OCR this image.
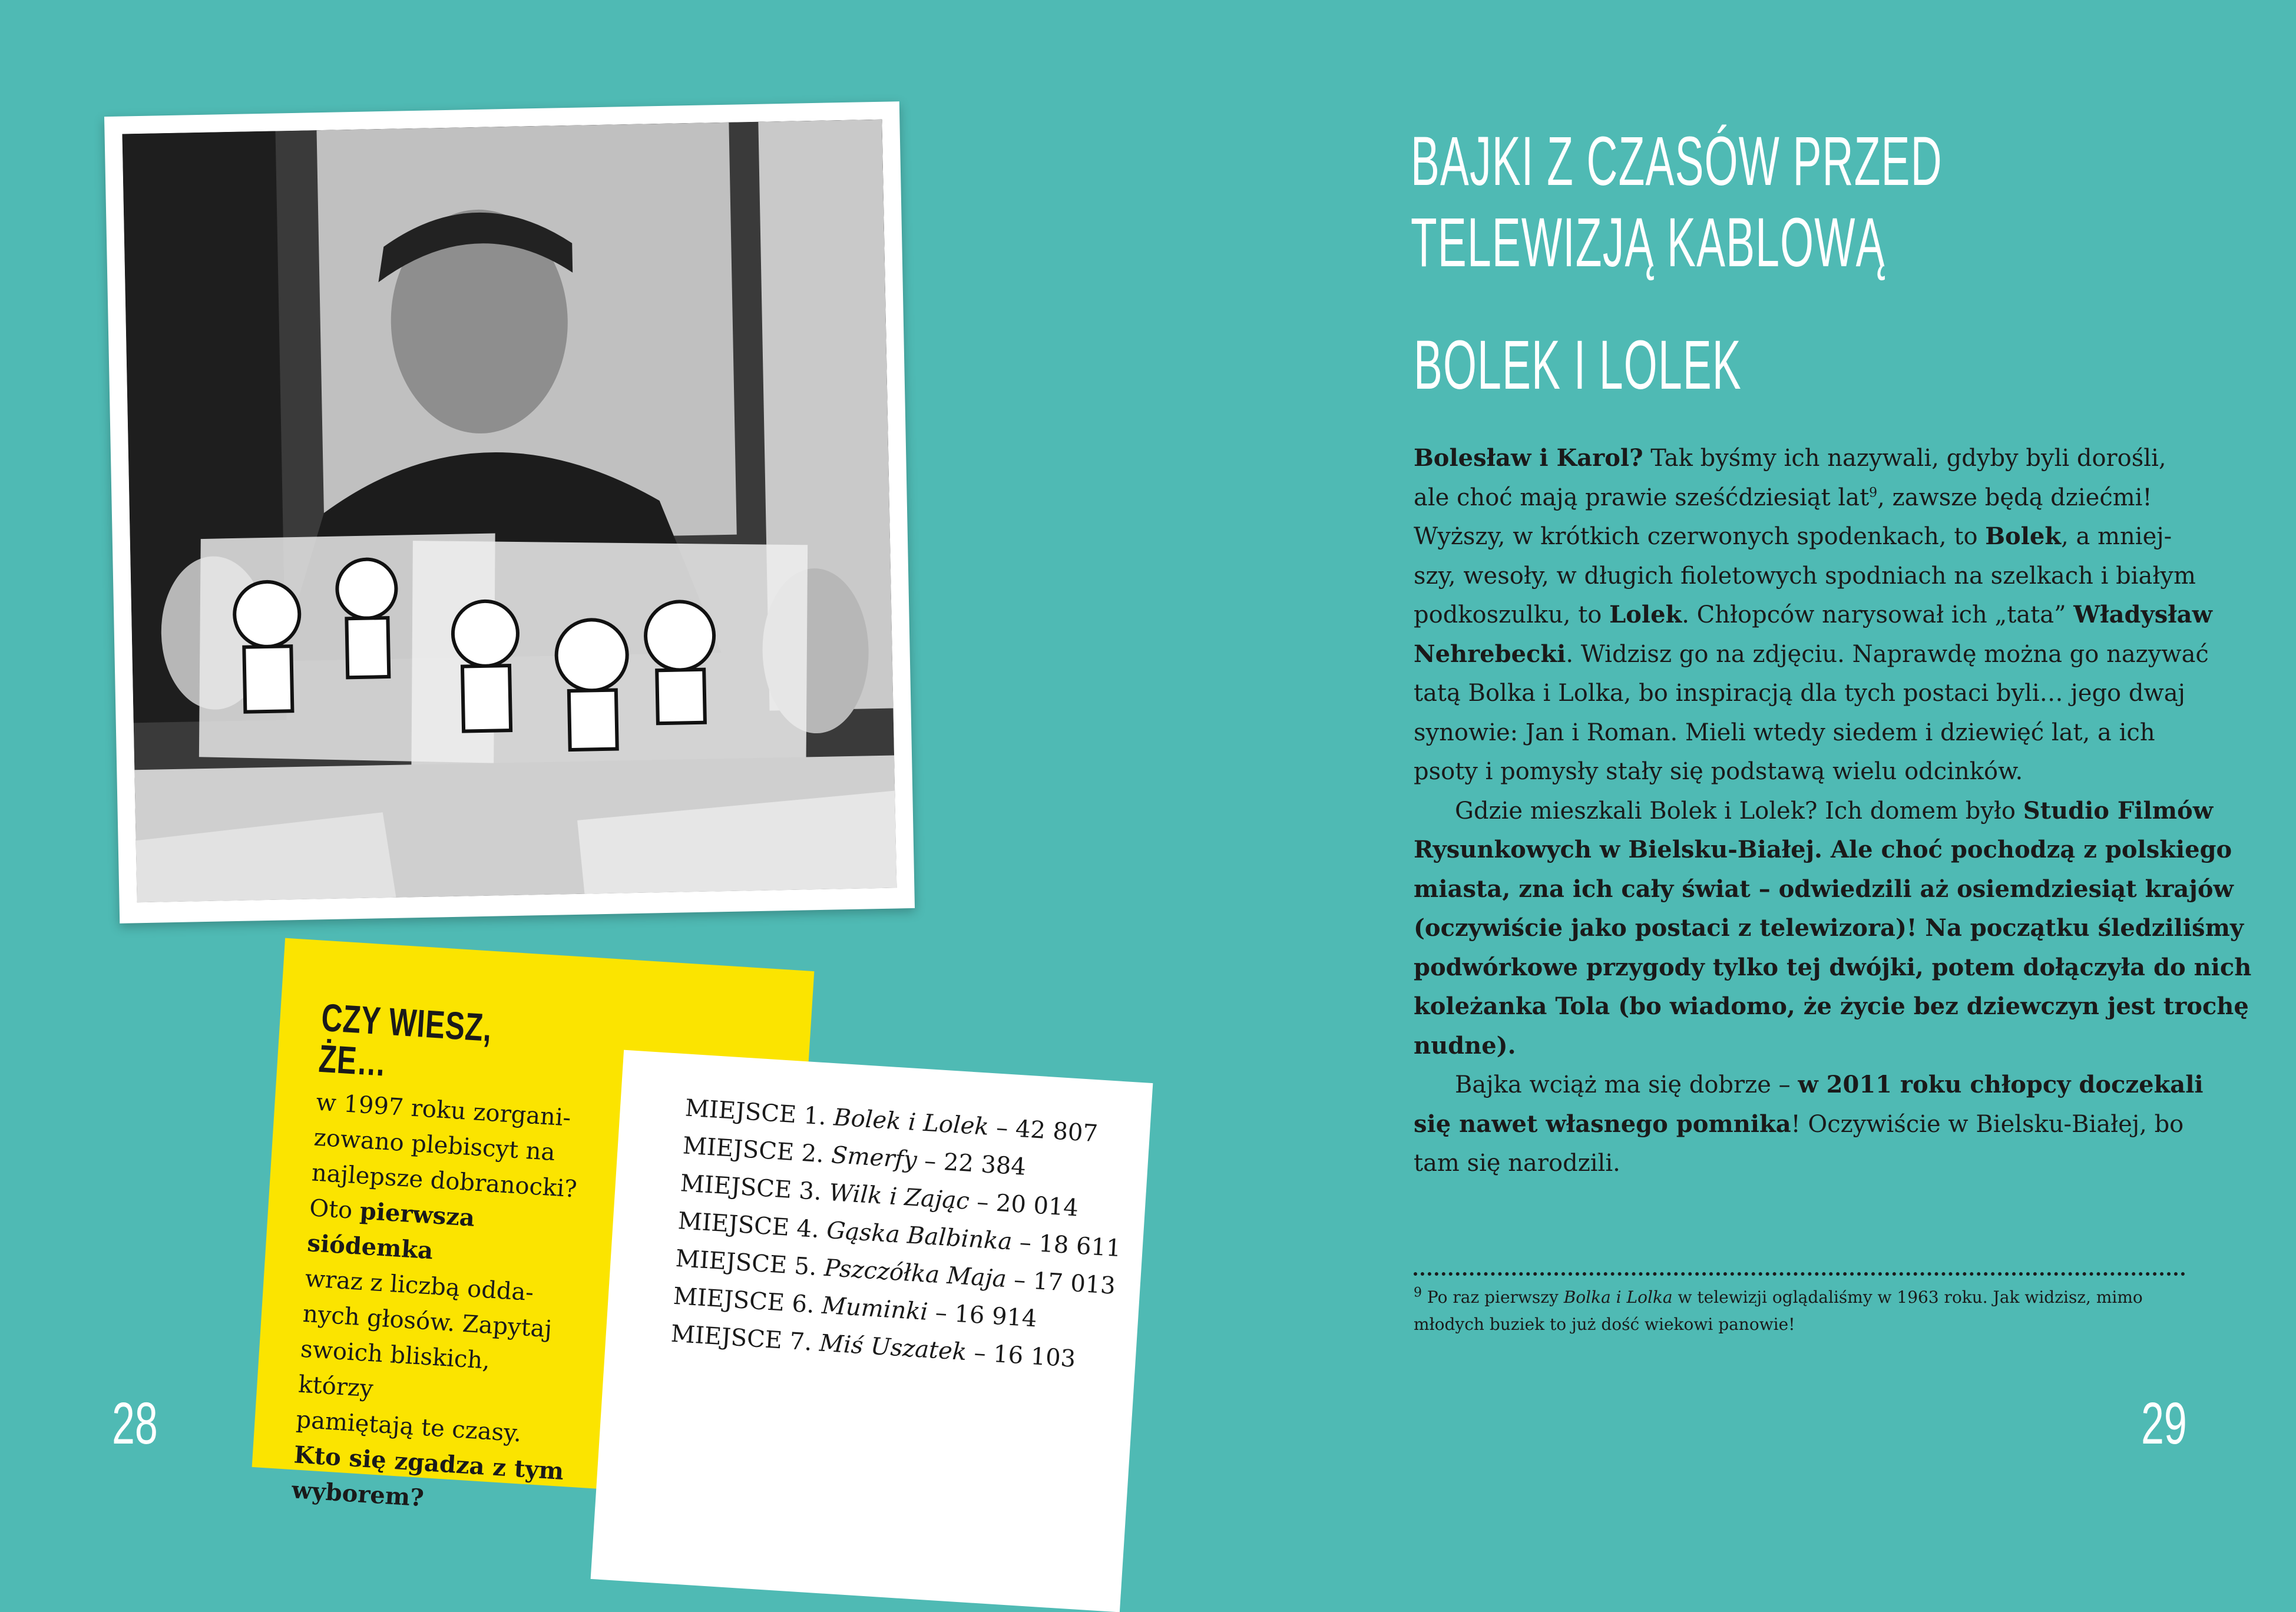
CZY WIESZ, ŻE…

w 1997 roku zorgani-

zowano plebiscyt na

najlepsze dobranocki?

Oto pierwsza siódemka

wraz z liczbą odda-

nych głosów. Zapytaj

swoich bliskich, którzy

pamiętają te czasy.

Kto się zgadza z tym

wyborem?

MIEJSCE 1. Bolek i Lolek – 42 807
MIEJSCE 2. Smerfy – 22 384
MIEJSCE 3. Wilk i Zając – 20 014
MIEJSCE 4. Gąska Balbinka – 18 611
MIEJSCE 5. Pszczółka Maja – 17 013
MIEJSCE 6. Muminki – 16 914
MIEJSCE 7. Miś Uszatek – 16 103
28
BAJKI Z CZASÓW PRZED
TELEWIZJĄ KABLOWĄ
BOLEK I LOLEK

Bolesław i Karol? Tak byśmy ich nazywali, gdyby byli dorośli,

ale choć mają prawie sześćdziesiąt lat$^9$, zawsze będą dziećmi!

Wyższy, w krótkich czerwonych spodenkach, to Bolek, a mniej-

szy, wesoły, w długich fioletowych spodniach na szelkach i białym

podkoszulku, to Lolek. Chłopców narysował ich „tata” Władysław

Nehrebecki. Widzisz go na zdjęciu. Naprawdę można go nazywać

tatą Bolka i Lolka, bo inspiracją dla tych postaci byli… jego dwaj

synowie: Jan i Roman. Mieli wtedy siedem i dziewięć lat, a ich

psoty i pomysły stały się podstawą wielu odcinków.

Gdzie mieszkali Bolek i Lolek? Ich domem było Studio Filmów

Rysunkowych w Bielsku-Białej. Ale choć pochodzą z polskiego

miasta, zna ich cały świat – odwiedzili aż osiemdziesiąt krajów

(oczywiście jako postaci z telewizora)! Na początku śledziliśmy

podwórkowe przygody tylko tej dwójki, potem dołączyła do nich

koleżanka Tola (bo wiadomo, że życie bez dziewczyn jest trochę

nudne).

Bajka wciąż ma się dobrze – w 2011 roku chłopcy doczekali

się nawet własnego pomnika! Oczywiście w Bielsku-Białej, bo

tam się narodzili.

$^9$ Po raz pierwszy Bolka i Lolka w telewizji oglądaliśmy w 1963 roku. Jak widzisz, mimo

młodych buziek to już dość wiekowi panowie!

29
